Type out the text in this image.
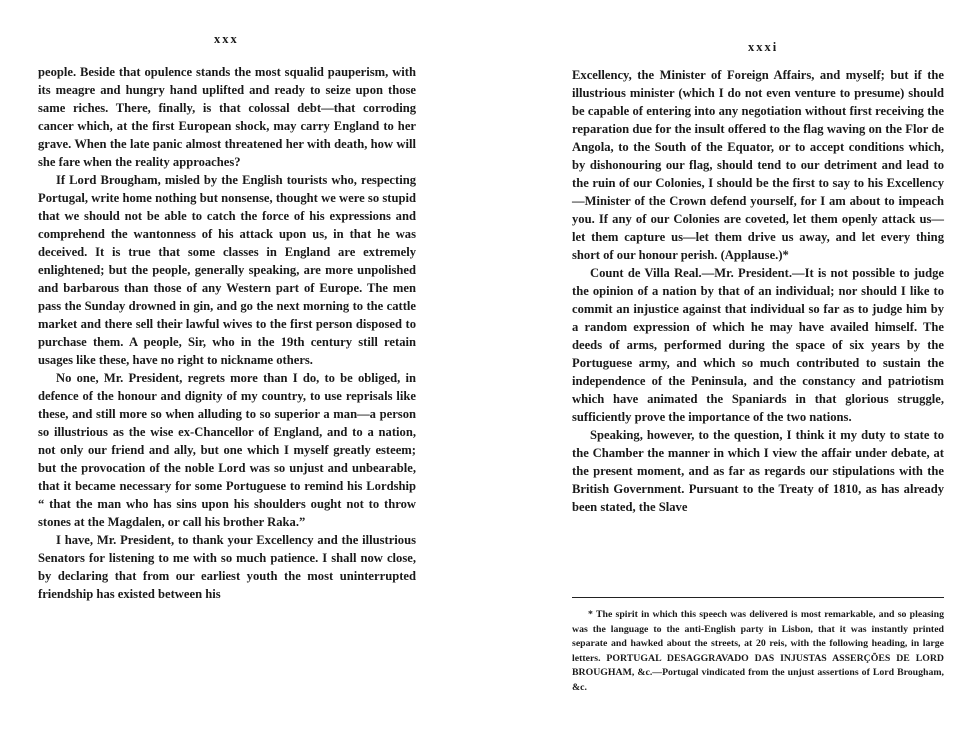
xxx

people. Beside that opulence stands the most squalid pauperism, with its meagre and hungry hand uplifted and ready to seize upon those same riches. There, finally, is that colossal debt—that corroding cancer which, at the first European shock, may carry England to her grave. When the late panic almost threatened her with death, how will she fare when the reality approaches?

If Lord Brougham, misled by the English tourists who, respecting Portugal, write home nothing but nonsense, thought we were so stupid that we should not be able to catch the force of his expressions and comprehend the wantonness of his attack upon us, in that he was deceived. It is true that some classes in England are extremely enlightened; but the people, generally speaking, are more unpolished and barbarous than those of any Western part of Europe. The men pass the Sunday drowned in gin, and go the next morning to the cattle market and there sell their lawful wives to the first person disposed to purchase them. A people, Sir, who in the 19th century still retain usages like these, have no right to nickname others.

No one, Mr. President, regrets more than I do, to be obliged, in defence of the honour and dignity of my country, to use reprisals like these, and still more so when alluding to so superior a man—a person so illustrious as the wise ex-Chancellor of England, and to a nation, not only our friend and ally, but one which I myself greatly esteem; but the provocation of the noble Lord was so unjust and unbearable, that it became necessary for some Portuguese to remind his Lordship “ that the man who has sins upon his shoulders ought not to throw stones at the Magdalen, or call his brother Raka.”

I have, Mr. President, to thank your Excellency and the illustrious Senators for listening to me with so much patience. I shall now close, by declaring that from our earliest youth the most uninterrupted friendship has existed between his

xxxi

Excellency, the Minister of Foreign Affairs, and myself; but if the illustrious minister (which I do not even venture to presume) should be capable of entering into any negotiation without first receiving the reparation due for the insult offered to the flag waving on the Flor de Angola, to the South of the Equator, or to accept conditions which, by dishonouring our flag, should tend to our detriment and lead to the ruin of our Colonies, I should be the first to say to his Excellency—Minister of the Crown defend yourself, for I am about to impeach you. If any of our Colonies are coveted, let them openly attack us—let them capture us—let them drive us away, and let every thing short of our honour perish. (Applause.)*

Count de Villa Real.—Mr. President.—It is not possible to judge the opinion of a nation by that of an individual; nor should I like to commit an injustice against that individual so far as to judge him by a random expression of which he may have availed himself. The deeds of arms, performed during the space of six years by the Portuguese army, and which so much contributed to sustain the independence of the Peninsula, and the constancy and patriotism which have animated the Spaniards in that glorious struggle, sufficiently prove the importance of the two nations.

Speaking, however, to the question, I think it my duty to state to the Chamber the manner in which I view the affair under debate, at the present moment, and as far as regards our stipulations with the British Government. Pursuant to the Treaty of 1810, as has already been stated, the Slave

* The spirit in which this speech was delivered is most remarkable, and so pleasing was the language to the anti-English party in Lisbon, that it was instantly printed separate and hawked about the streets, at 20 reis, with the following heading, in large letters. PORTUGAL DESAGGRAVADO DAS INJUSTAS ASSERÇÕES DE LORD BROUGHAM, &c.—Portugal vindicated from the unjust assertions of Lord Brougham, &c.
